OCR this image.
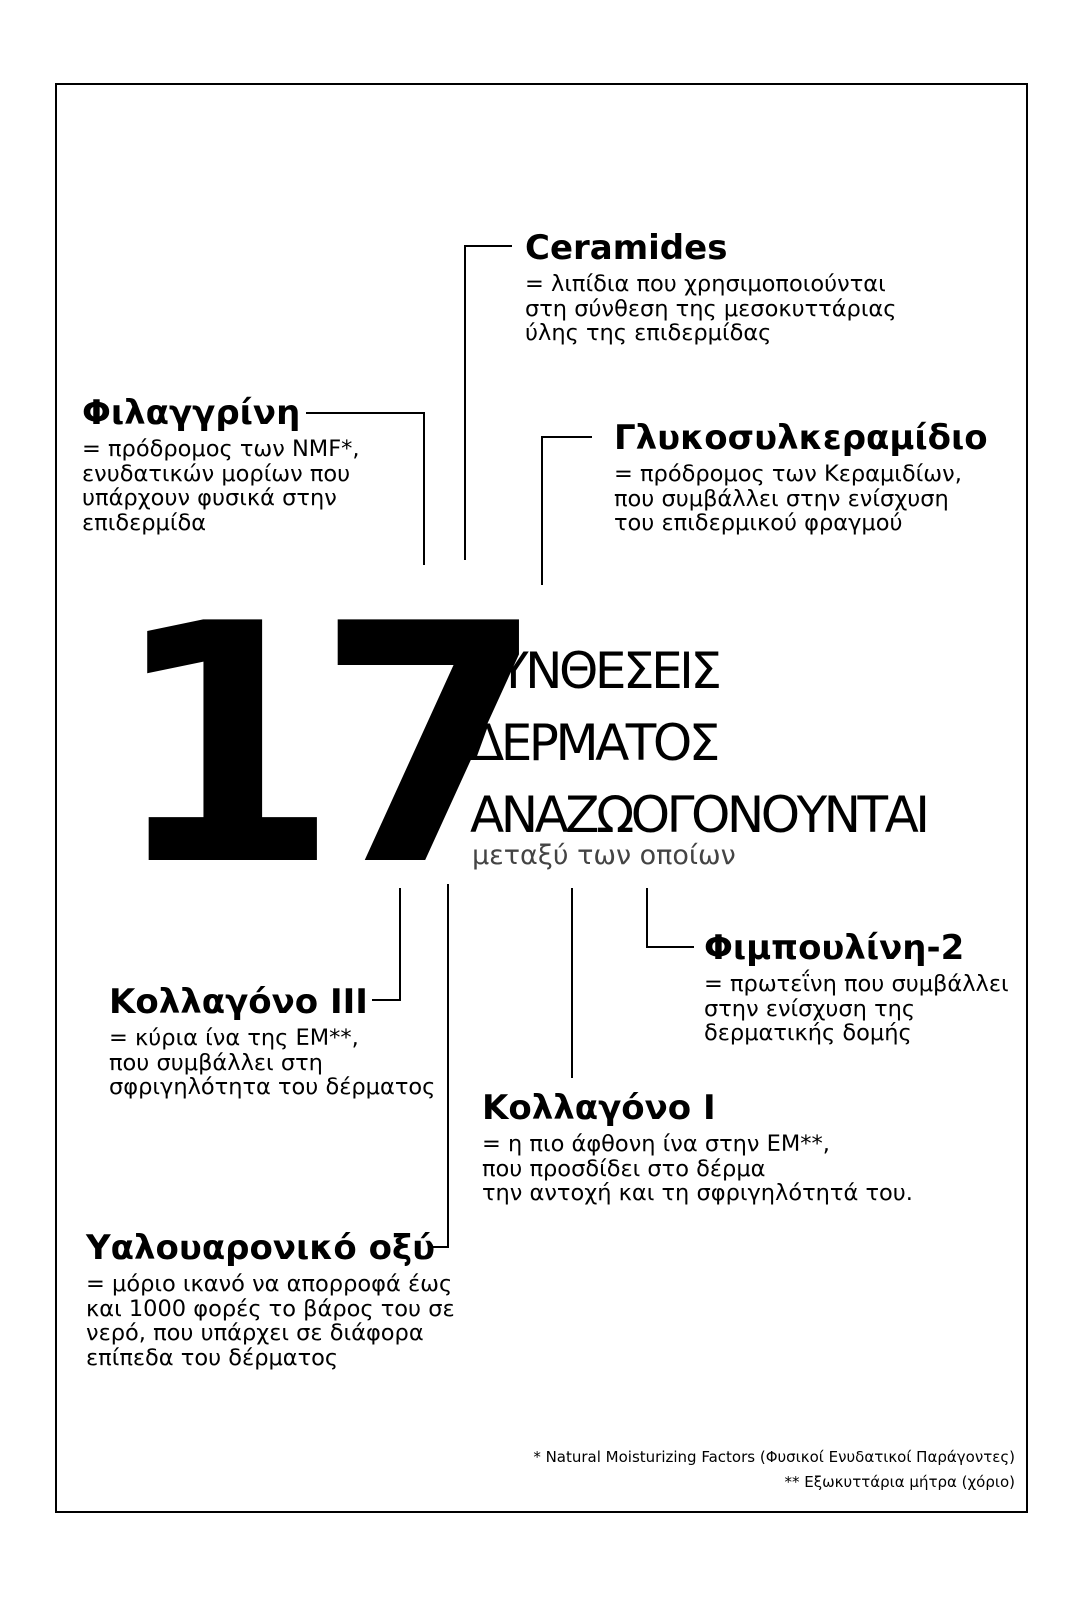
17
ΣΥΝΘΕΣΕΙΣ
ΔΕΡΜΑΤΟΣ
ΑΝΑΖΩΟΓΟΝΟΥΝΤΑΙ
μεταξύ των οποίων
Ceramides
= λιπίδια που χρησιμοποιούνται
στη σύνθεση της μεσοκυττάριας
ύλης της επιδερμίδας
Φιλαγγρίνη
= πρόδρομος των NMF*,
ενυδατικών μορίων που
υπάρχουν φυσικά στην
επιδερμίδα
Γλυκοσυλκεραμίδιο
= πρόδρομος των Κεραμιδίων,
που συμβάλλει στην ενίσχυση
του επιδερμικού φραγμού
Φιμπουλίνη-2
= πρωτεΐνη που συμβάλλει
στην ενίσχυση της
δερματικής δομής
Κολλαγόνο III
= κύρια ίνα της ΕΜ**,
που συμβάλλει στη
σφριγηλότητα του δέρματος
Κολλαγόνο I
= η πιο άφθονη ίνα στην ΕΜ**,
που προσδίδει στο δέρμα
την αντοχή και τη σφριγηλότητά του.
Υαλουαρονικό οξύ
= μόριο ικανό να απορροφά έως
και 1000 φορές το βάρος του σε
νερό, που υπάρχει σε διάφορα
επίπεδα του δέρματος
* Natural Moisturizing Factors (Φυσικοί Ενυδατικοί Παράγοντες)
** Εξωκυττάρια μήτρα (χόριο)
